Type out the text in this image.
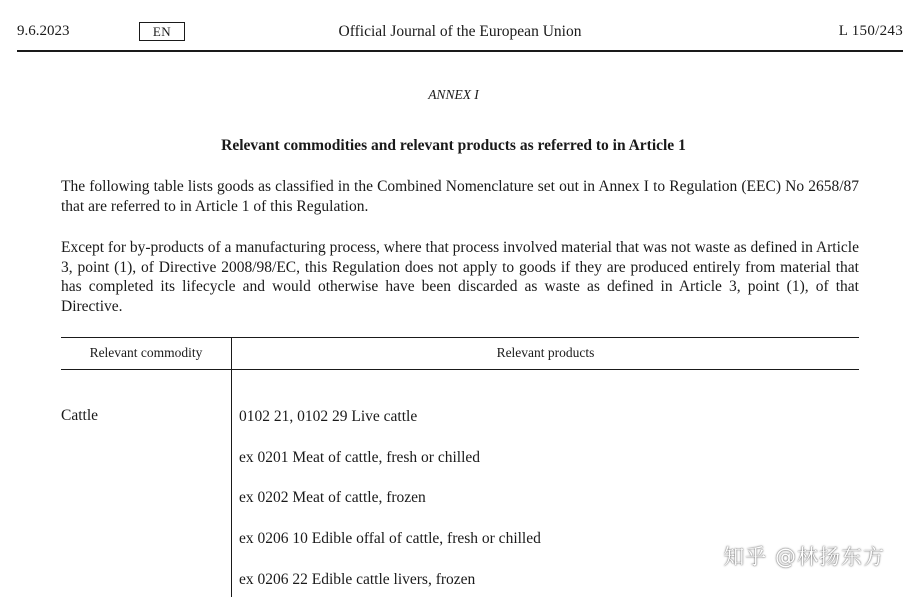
9.6.2023	EN	Official Journal of the European Union	L 150/243
ANNEX I
Relevant commodities and relevant products as referred to in Article 1

The following table lists goods as classified in the Combined Nomenclature set out in Annex I to Regulation (EEC) No 2658/87 that are referred to in Article 1 of this Regulation.

Except for by-products of a manufacturing process, where that process involved material that was not waste as defined in Article 3, point (1), of Directive 2008/98/EC, this Regulation does not apply to goods if they are produced entirely from material that has completed its lifecycle and would otherwise have been discarded as waste as defined in Article 3, point (1), of that Directive.

Relevant commodity	Relevant products
Cattle	0102 21, 0102 29 Live cattle
ex 0201 Meat of cattle, fresh or chilled
ex 0202 Meat of cattle, frozen
ex 0206 10 Edible offal of cattle, fresh or chilled
ex 0206 22 Edible cattle livers, frozen
知乎 @林扬东方
